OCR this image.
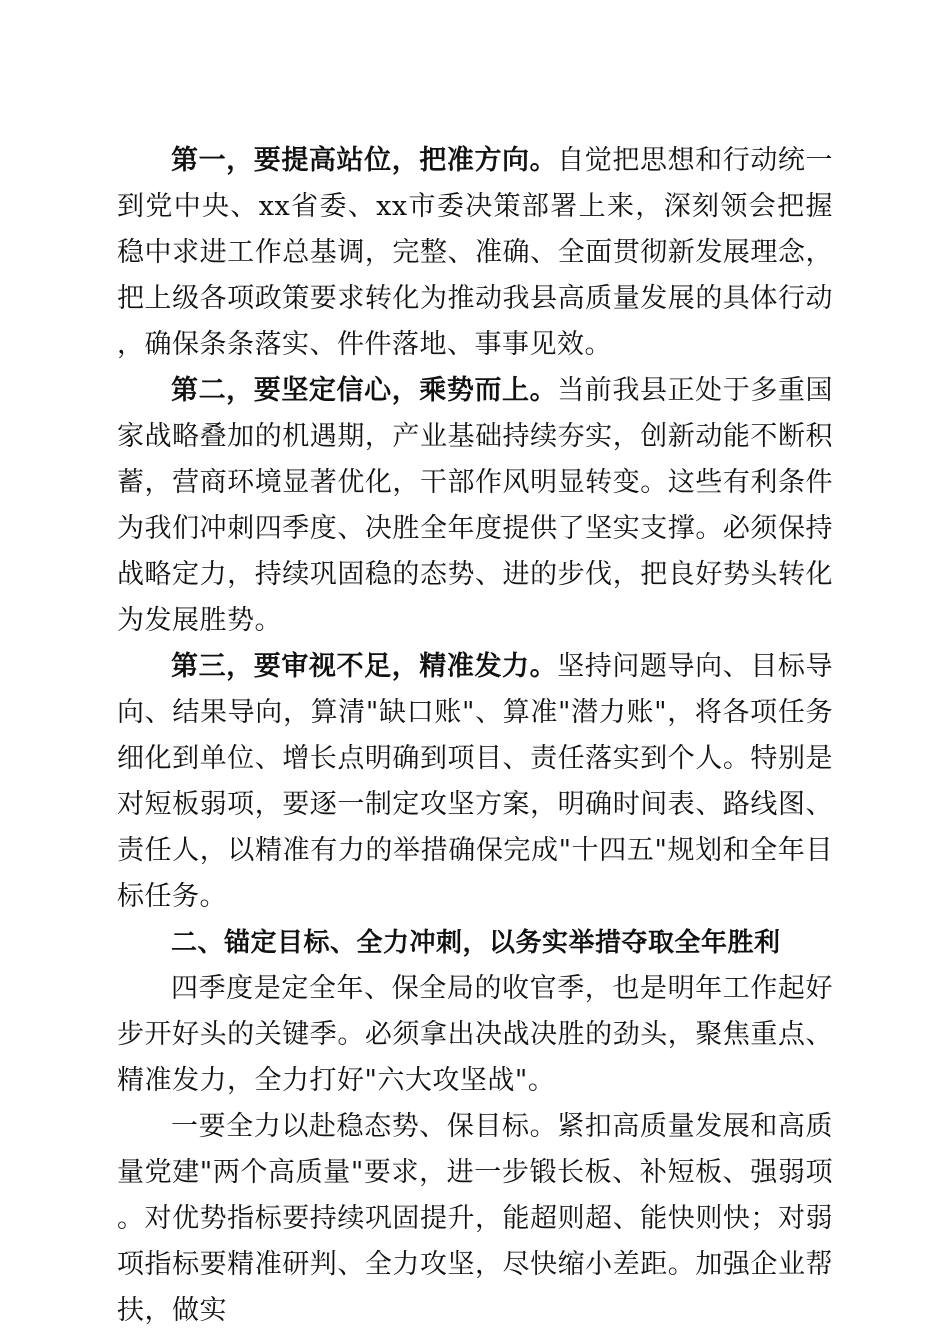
第一，要提高站位，把准方向。自觉把思想和行动统一到党中央、xx省委、xx市委决策部署上来，深刻领会把握稳中求进工作总基调，完整、准确、全面贯彻新发展理念，把上级各项政策要求转化为推动我县高质量发展的具体行动，确保条条落实、件件落地、事事见效。

第二，要坚定信心，乘势而上。当前我县正处于多重国家战略叠加的机遇期，产业基础持续夯实，创新动能不断积蓄，营商环境显著优化，干部作风明显转变。这些有利条件为我们冲刺四季度、决胜全年度提供了坚实支撑。必须保持战略定力，持续巩固稳的态势、进的步伐，把良好势头转化为发展胜势。

第三，要审视不足，精准发力。坚持问题导向、目标导向、结果导向，算清"缺口账"、算准"潜力账"，将各项任务细化到单位、增长点明确到项目、责任落实到个人。特别是对短板弱项，要逐一制定攻坚方案，明确时间表、路线图、责任人，以精准有力的举措确保完成"十四五"规划和全年目标任务。

二、锚定目标、全力冲刺，以务实举措夺取全年胜利

四季度是定全年、保全局的收官季，也是明年工作起好步开好头的关键季。必须拿出决战决胜的劲头，聚焦重点、精准发力，全力打好"六大攻坚战"。

一要全力以赴稳态势、保目标。紧扣高质量发展和高质量党建"两个高质量"要求，进一步锻长板、补短板、强弱项。对优势指标要持续巩固提升，能超则超、能快则快；对弱项指标要精准研判、全力攻坚，尽快缩小差距。加强企业帮扶，做实
